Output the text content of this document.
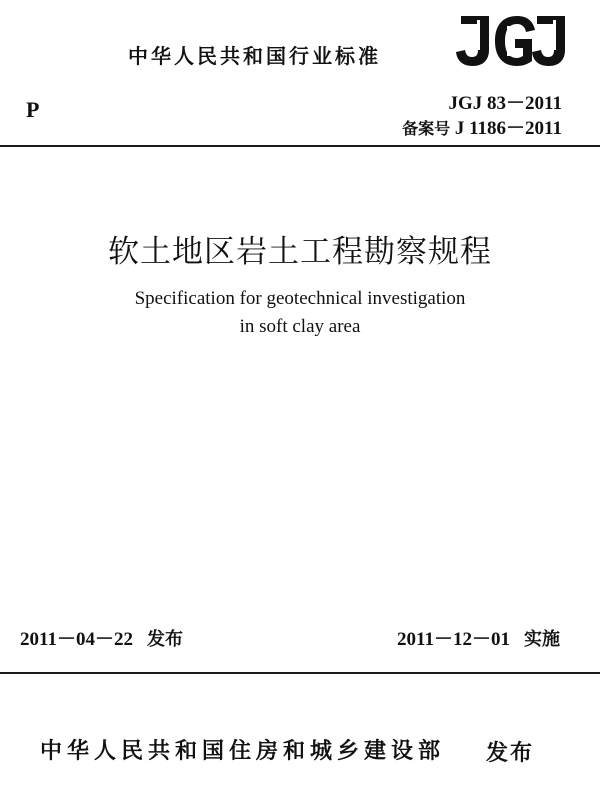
中华人民共和国行业标准
P	JGJ 83－2011
备案号 J 1186－2011
软土地区岩土工程勘察规程
Specification for geotechnical investigation
in soft clay area
2011－04－22 发布	2011－12－01 实施
中华人民共和国住房和城乡建设部 发布
